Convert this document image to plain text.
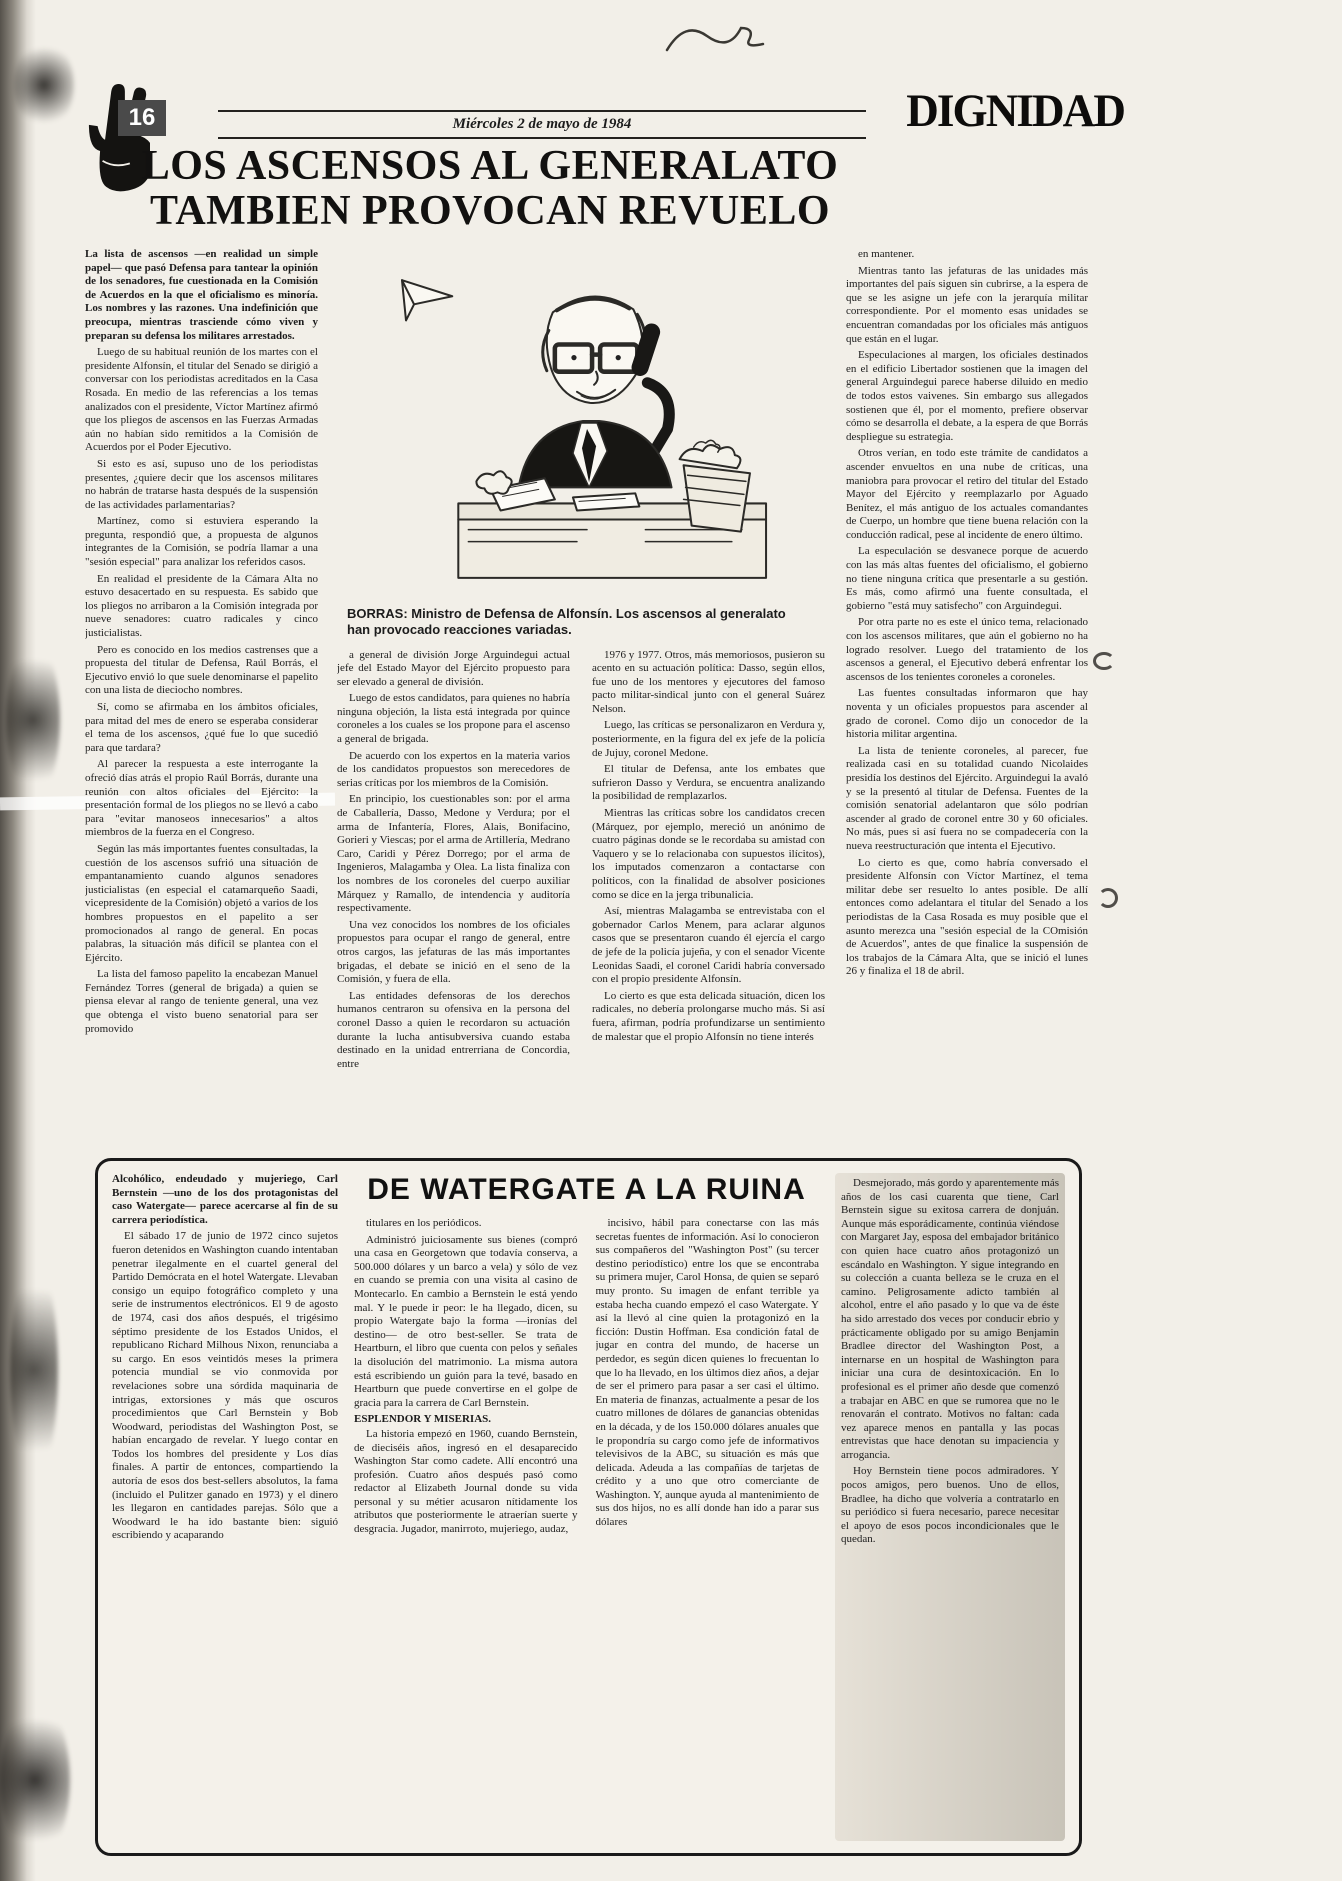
16	Miércoles 2 de mayo de 1984	DIGNIDAD
LOS ASCENSOS AL GENERALATO TAMBIEN PROVOCAN REVUELO

La lista de ascensos —en realidad un simple papel— que pasó Defensa para tantear la opinión de los senadores, fue cuestionada en la Comisión de Acuerdos en la que el oficialismo es minoría. Los nombres y las razones. Una indefinición que preocupa, mientras trasciende cómo viven y preparan su defensa los militares arrestados.

Luego de su habitual reunión de los martes con el presidente Alfonsín, el titular del Senado se dirigió a conversar con los periodistas acreditados en la Casa Rosada. En medio de las referencias a los temas analizados con el presidente, Víctor Martínez afirmó que los pliegos de ascensos en las Fuerzas Armadas aún no habían sido remitidos a la Comisión de Acuerdos por el Poder Ejecutivo.

Si esto es así, supuso uno de los periodistas presentes, ¿quiere decir que los ascensos militares no habrán de tratarse hasta después de la suspensión de las actividades parlamentarias?

Martínez, como si estuviera esperando la pregunta, respondió que, a propuesta de algunos integrantes de la Comisión, se podría llamar a una "sesión especial" para analizar los referidos casos.

En realidad el presidente de la Cámara Alta no estuvo desacertado en su respuesta. Es sabido que los pliegos no arribaron a la Comisión integrada por nueve senadores: cuatro radicales y cinco justicialistas.

Pero es conocido en los medios castrenses que a propuesta del titular de Defensa, Raúl Borrás, el Ejecutivo envió lo que suele denominarse el papelito con una lista de dieciocho nombres.

Sí, como se afirmaba en los ámbitos oficiales, para mitad del mes de enero se esperaba considerar el tema de los ascensos, ¿qué fue lo que sucedió para que tardara?

Al parecer la respuesta a este interrogante la ofreció días atrás el propio Raúl Borrás, durante una reunión con altos oficiales del Ejército: la presentación formal de los pliegos no se llevó a cabo para "evitar manoseos innecesarios" a altos miembros de la fuerza en el Congreso.

Según las más importantes fuentes consultadas, la cuestión de los ascensos sufrió una situación de empantanamiento cuando algunos senadores justicialistas (en especial el catamarqueño Saadi, vicepresidente de la Comisión) objetó a varios de los hombres propuestos en el papelito a ser promocionados al rango de general. En pocas palabras, la situación más difícil se plantea con el Ejército.

La lista del famoso papelito la encabezan Manuel Fernández Torres (general de brigada) a quien se piensa elevar al rango de teniente general, una vez que obtenga el visto bueno senatorial para ser promovido

BORRAS: Ministro de Defensa de Alfonsín. Los ascensos al generalato han provocado reacciones variadas.

a general de división Jorge Arguindegui actual jefe del Estado Mayor del Ejército propuesto para ser elevado a general de división.

Luego de estos candidatos, para quienes no habría ninguna objeción, la lista está integrada por quince coroneles a los cuales se los propone para el ascenso a general de brigada.

De acuerdo con los expertos en la materia varios de los candidatos propuestos son merecedores de serias críticas por los miembros de la Comisión.

En principio, los cuestionables son: por el arma de Caballería, Dasso, Medone y Verdura; por el arma de Infantería, Flores, Alais, Bonifacino, Gorieri y Viescas; por el arma de Artillería, Medrano Caro, Caridi y Pérez Dorrego; por el arma de Ingenieros, Malagamba y Olea. La lista finaliza con los nombres de los coroneles del cuerpo auxiliar Márquez y Ramallo, de intendencia y auditoría respectivamente.

Una vez conocidos los nombres de los oficiales propuestos para ocupar el rango de general, entre otros cargos, las jefaturas de las más importantes brigadas, el debate se inició en el seno de la Comisión, y fuera de ella.

Las entidades defensoras de los derechos humanos centraron su ofensiva en la persona del coronel Dasso a quien le recordaron su actuación durante la lucha antisubversiva cuando estaba destinado en la unidad entrerriana de Concordia, entre

1976 y 1977. Otros, más memoriosos, pusieron su acento en su actuación política: Dasso, según ellos, fue uno de los mentores y ejecutores del famoso pacto militar-sindical junto con el general Suárez Nelson.

Luego, las críticas se personalizaron en Verdura y, posteriormente, en la figura del ex jefe de la policía de Jujuy, coronel Medone.

El titular de Defensa, ante los embates que sufrieron Dasso y Verdura, se encuentra analizando la posibilidad de remplazarlos.

Mientras las críticas sobre los candidatos crecen (Márquez, por ejemplo, mereció un anónimo de cuatro páginas donde se le recordaba su amistad con Vaquero y se lo relacionaba con supuestos ilícitos), los imputados comenzaron a contactarse con políticos, con la finalidad de absolver posiciones como se dice en la jerga tribunalicia.

Así, mientras Malagamba se entrevistaba con el gobernador Carlos Menem, para aclarar algunos casos que se presentaron cuando él ejercía el cargo de jefe de la policía jujeña, y con el senador Vicente Leonidas Saadi, el coronel Caridi habría conversado con el propio presidente Alfonsín.

Lo cierto es que esta delicada situación, dicen los radicales, no debería prolongarse mucho más. Si así fuera, afirman, podría profundizarse un sentimiento de malestar que el propio Alfonsín no tiene interés

en mantener.

Mientras tanto las jefaturas de las unidades más importantes del país siguen sin cubrirse, a la espera de que se les asigne un jefe con la jerarquía militar correspondiente. Por el momento esas unidades se encuentran comandadas por los oficiales más antiguos que están en el lugar.

Especulaciones al margen, los oficiales destinados en el edificio Libertador sostienen que la imagen del general Arguindegui parece haberse diluido en medio de todos estos vaivenes. Sin embargo sus allegados sostienen que él, por el momento, prefiere observar cómo se desarrolla el debate, a la espera de que Borrás despliegue su estrategia.

Otros verían, en todo este trámite de candidatos a ascender envueltos en una nube de críticas, una maniobra para provocar el retiro del titular del Estado Mayor del Ejército y reemplazarlo por Aguado Benítez, el más antiguo de los actuales comandantes de Cuerpo, un hombre que tiene buena relación con la conducción radical, pese al incidente de enero último.

La especulación se desvanece porque de acuerdo con las más altas fuentes del oficialismo, el gobierno no tiene ninguna crítica que presentarle a su gestión. Es más, como afirmó una fuente consultada, el gobierno "está muy satisfecho" con Arguindegui.

Por otra parte no es este el único tema, relacionado con los ascensos militares, que aún el gobierno no ha logrado resolver. Luego del tratamiento de los ascensos a general, el Ejecutivo deberá enfrentar los ascensos de los tenientes coroneles a coroneles.

Las fuentes consultadas informaron que hay noventa y un oficiales propuestos para ascender al grado de coronel. Como dijo un conocedor de la historia militar argentina.

La lista de teniente coroneles, al parecer, fue realizada casi en su totalidad cuando Nicolaides presidía los destinos del Ejército. Arguindegui la avaló y se la presentó al titular de Defensa. Fuentes de la comisión senatorial adelantaron que sólo podrían ascender al grado de coronel entre 30 y 60 oficiales. No más, pues si así fuera no se compadecería con la nueva reestructuración que intenta el Ejecutivo.

Lo cierto es que, como habría conversado el presidente Alfonsín con Víctor Martínez, el tema militar debe ser resuelto lo antes posible. De allí entonces como adelantara el titular del Senado a los periodistas de la Casa Rosada es muy posible que el asunto merezca una "sesión especial de la COmisión de Acuerdos", antes de que finalice la suspensión de los trabajos de la Cámara Alta, que se inició el lunes 26 y finaliza el 18 de abril.

Alcohólico, endeudado y mujeriego, Carl Bernstein —uno de los dos protagonistas del caso Watergate— parece acercarse al fin de su carrera periodística.

El sábado 17 de junio de 1972 cinco sujetos fueron detenidos en Washington cuando intentaban penetrar ilegalmente en el cuartel general del Partido Demócrata en el hotel Watergate. Llevaban consigo un equipo fotográfico completo y una serie de instrumentos electrónicos. El 9 de agosto de 1974, casi dos años después, el trigésimo séptimo presidente de los Estados Unidos, el republicano Richard Milhous Nixon, renunciaba a su cargo. En esos veintidós meses la primera potencia mundial se vio conmovida por revelaciones sobre una sórdida maquinaria de intrigas, extorsiones y más que oscuros procedimientos que Carl Bernstein y Bob Woodward, periodistas del Washington Post, se habían encargado de revelar. Y luego contar en Todos los hombres del presidente y Los días finales. A partir de entonces, compartiendo la autoría de esos dos best-sellers absolutos, la fama (incluido el Pulitzer ganado en 1973) y el dinero les llegaron en cantidades parejas. Sólo que a Woodward le ha ido bastante bien: siguió escribiendo y acaparando

DE WATERGATE A LA RUINA

titulares en los periódicos.

Administró juiciosamente sus bienes (compró una casa en Georgetown que todavía conserva, a 500.000 dólares y un barco a vela) y sólo de vez en cuando se premia con una visita al casino de Montecarlo. En cambio a Bernstein le está yendo mal. Y le puede ir peor: le ha llegado, dicen, su propio Watergate bajo la forma —ironías del destino— de otro best-seller. Se trata de Heartburn, el libro que cuenta con pelos y señales la disolución del matrimonio. La misma autora está escribiendo un guión para la tevé, basado en Heartburn que puede convertirse en el golpe de gracia para la carrera de Carl Bernstein.

ESPLENDOR Y MISERIAS.

La historia empezó en 1960, cuando Bernstein, de dieciséis años, ingresó en el desaparecido Washington Star como cadete. Allí encontró una profesión. Cuatro años después pasó como redactor al Elizabeth Journal donde su vida personal y su métier acusaron nítidamente los atributos que posteriormente le atraerían suerte y desgracia. Jugador, manirroto, mujeriego, audaz,

incisivo, hábil para conectarse con las más secretas fuentes de información. Así lo conocieron sus compañeros del "Washington Post" (su tercer destino periodístico) entre los que se encontraba su primera mujer, Carol Honsa, de quien se separó muy pronto. Su imagen de enfant terrible ya estaba hecha cuando empezó el caso Watergate. Y así la llevó al cine quien la protagonizó en la ficción: Dustin Hoffman. Esa condición fatal de jugar en contra del mundo, de hacerse un perdedor, es según dicen quienes lo frecuentan lo que lo ha llevado, en los últimos diez años, a dejar de ser el primero para pasar a ser casi el último. En materia de finanzas, actualmente a pesar de los cuatro millones de dólares de ganancias obtenidas en la década, y de los 150.000 dólares anuales que le propondría su cargo como jefe de informativos televisivos de la ABC, su situación es más que delicada. Adeuda a las compañías de tarjetas de crédito y a uno que otro comerciante de Washington. Y, aunque ayuda al mantenimiento de sus dos hijos, no es allí donde han ido a parar sus dólares

Desmejorado, más gordo y aparentemente más años de los casi cuarenta que tiene, Carl Bernstein sigue su exitosa carrera de donjuán. Aunque más esporádicamente, continúa viéndose con Margaret Jay, esposa del embajador británico con quien hace cuatro años protagonizó un escándalo en Washington. Y sigue integrando en su colección a cuanta belleza se le cruza en el camino. Peligrosamente adicto también al alcohol, entre el año pasado y lo que va de éste ha sido arrestado dos veces por conducir ebrio y prácticamente obligado por su amigo Benjamin Bradlee director del Washington Post, a internarse en un hospital de Washington para iniciar una cura de desintoxicación. En lo profesional es el primer año desde que comenzó a trabajar en ABC en que se rumorea que no le renovarán el contrato. Motivos no faltan: cada vez aparece menos en pantalla y las pocas entrevistas que hace denotan su impaciencia y arrogancia.

Hoy Bernstein tiene pocos admiradores. Y pocos amigos, pero buenos. Uno de ellos, Bradlee, ha dicho que volvería a contratarlo en su periódico si fuera necesario, parece necesitar el apoyo de esos pocos incondicionales que le quedan.
